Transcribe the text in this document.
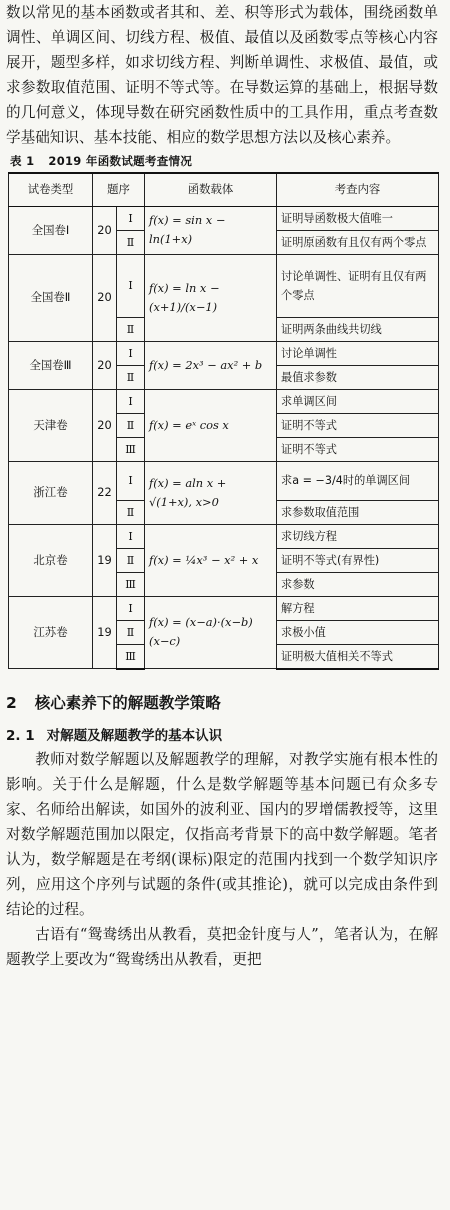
数以常见的基本函数或者其和、差、积等形式为载体，围绕函数单调性、单调区间、切线方程、极值、最值以及函数零点等核心内容展开，题型多样，如求切线方程、判断单调性、求极值、最值，或求参数取值范围、证明不等式等。在导数运算的基础上，根据导数的几何意义，体现导数在研究函数性质中的工具作用，重点考查数学基础知识、基本技能、相应的数学思想方法以及核心素养。

表 1 2019 年函数试题考查情况
试卷类型	题序		函数载体	考查内容
全国卷Ⅰ	20	Ⅰ	f(x) = sin x − ln(1+x)	证明导函数极大值唯一
		Ⅱ		证明原函数有且仅有两个零点
全国卷Ⅱ	20	Ⅰ	f(x) = ln x − (x+1)/(x−1)	讨论单调性、证明有且仅有两个零点
		Ⅱ		证明两条曲线共切线
全国卷Ⅲ	20	Ⅰ	f(x) = 2x³ − ax² + b	讨论单调性
		Ⅱ		最值求参数
天津卷	20	Ⅰ	f(x) = eˣ cos x	求单调区间
		Ⅱ		证明不等式
		Ⅲ		证明不等式
浙江卷	22	Ⅰ	f(x) = aln x + √(1+x), x>0	求a = −3/4时的单调区间
		Ⅱ		求参数取值范围
北京卷	19	Ⅰ	f(x) = ¼x³ − x² + x	求切线方程
		Ⅱ		证明不等式(有界性)
		Ⅲ		求参数
江苏卷	19	Ⅰ	f(x) = (x−a)·(x−b)(x−c)	解方程
		Ⅱ		求极小值
		Ⅲ		证明极大值相关不等式
2 核心素养下的解题教学策略
2. 1 对解题及解题教学的基本认识

教师对数学解题以及解题教学的理解，对教学实施有根本性的影响。关于什么是解题，什么是数学解题等基本问题已有众多专家、名师给出解读，如国外的波利亚、国内的罗增儒教授等，这里对数学解题范围加以限定，仅指高考背景下的高中数学解题。笔者认为，数学解题是在考纲(课标)限定的范围内找到一个数学知识序列，应用这个序列与试题的条件(或其推论)，就可以完成由条件到结论的过程。

古语有“鸳鸯绣出从教看，莫把金针度与人”，笔者认为，在解题教学上要改为“鸳鸯绣出从教看，更把
